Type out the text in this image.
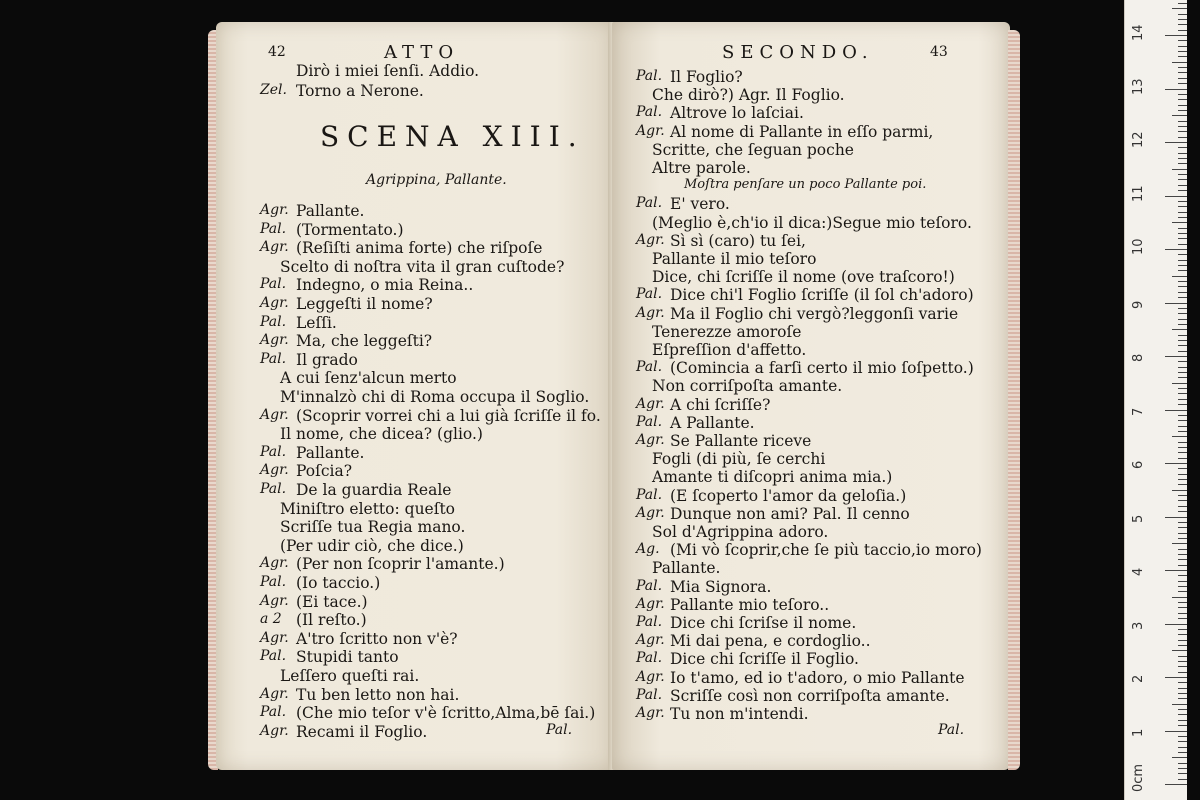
42	ATTO
Dirò i miei ſenſi. Addio.
Zel. Torno a Nerone.
SCENA XIII.
Agrippina, Pallante.
Agr. Pallante.
Pal. (Tormentato.)
Agr. (Reſiſti anima forte) che riſpoſe
Scelto di noſtra vita il gran cuſtode?
Pal. Indegno, o mia Reina..
Agr. Leggeſti il nome?
Pal. Leſſi.
Agr. Ma, che leggeſti?
Pal. Il grado
A cui ſenz'alcun merto
M'innalzò chi di Roma occupa il Soglio.
Agr. (Scoprir vorrei chi a lui già ſcriſſe il fo.
Il nome, che dicea? (glio.)
Pal. Pallante.
Agr. Poſcia?
Pal. De la guardia Reale
Miniſtro eletto: queſto
Scriſſe tua Regia mano.
(Per udir ciò, che dice.)
Agr. (Per non ſcoprir l'amante.)
Pal. (Io taccio.)
Agr. (Ei tace.)
a 2 (Il reſto.)
Agr. A'tro ſcritto non v'è?
Pal. Stupidi tanto
Leſſero queſti rai.
Agr. Tu ben letto non hai.
Pal. (Che mio teſor v'è ſcritto,Alma,bē ſai.)
Agr. Recami il Foglio.	Pal.
SECONDO.	43
Pal. Il Foglio?
Che dirò?) Agr. Il Foglio.
Pal. Altrove lo laſciai.
Agr. Al nome di Pallante in eſſo parmi,
Scritte, che ſeguan poche
Altre parole.
Moſtra penſare un poco Pallante poi.
Pal. E' vero.
(Meglio è,ch'io il dica:)Segue mio teſoro.
Agr. Sì sì (caro) tu ſei,
Pallante il mio teſoro
Dice, chi ſcriſſe il nome (ove traſcoro!)
Pal. Dice chi'l Foglio ſcriſſe (il ſol ch'adoro)
Agr. Ma il Foglio chi vergò?leggonſi varie
Tenerezze amoroſe
Eſpreſſion d'affetto.
Pal. (Comincia a farſi certo il mio ſoſpetto.)
Non corriſpoſta amante.
Agr. A chi ſcriſſe?
Pal. A Pallante.
Agr. Se Pallante riceve
Fogli (di più, ſe cerchi
Amante ti diſcopri anima mia.)
Pal. (E ſcoperto l'amor da geloſia.)
Agr. Dunque non ami? Pal. Il cenno
Sol d'Agrippina adoro.
Ag. (Mi vò ſcoprir,che ſe più taccio,io moro)
Pallante.
Pal. Mia Signora.
Agr. Pallante mio teſoro..
Pal. Dice chi ſcriſse il nome.
Agr. Mi dai pena, e cordoglio..
Pal. Dice chi ſcriſſe il Foglio.
Agr. Io t'amo, ed io t'adoro, o mio Pallante
Pal. Scriſſe così non corriſpoſta amante.
Agr. Tu non m'intendi.
Pal.	1
2
3
4
5
6
7
8
9
10
11
12
13
14
0cm
